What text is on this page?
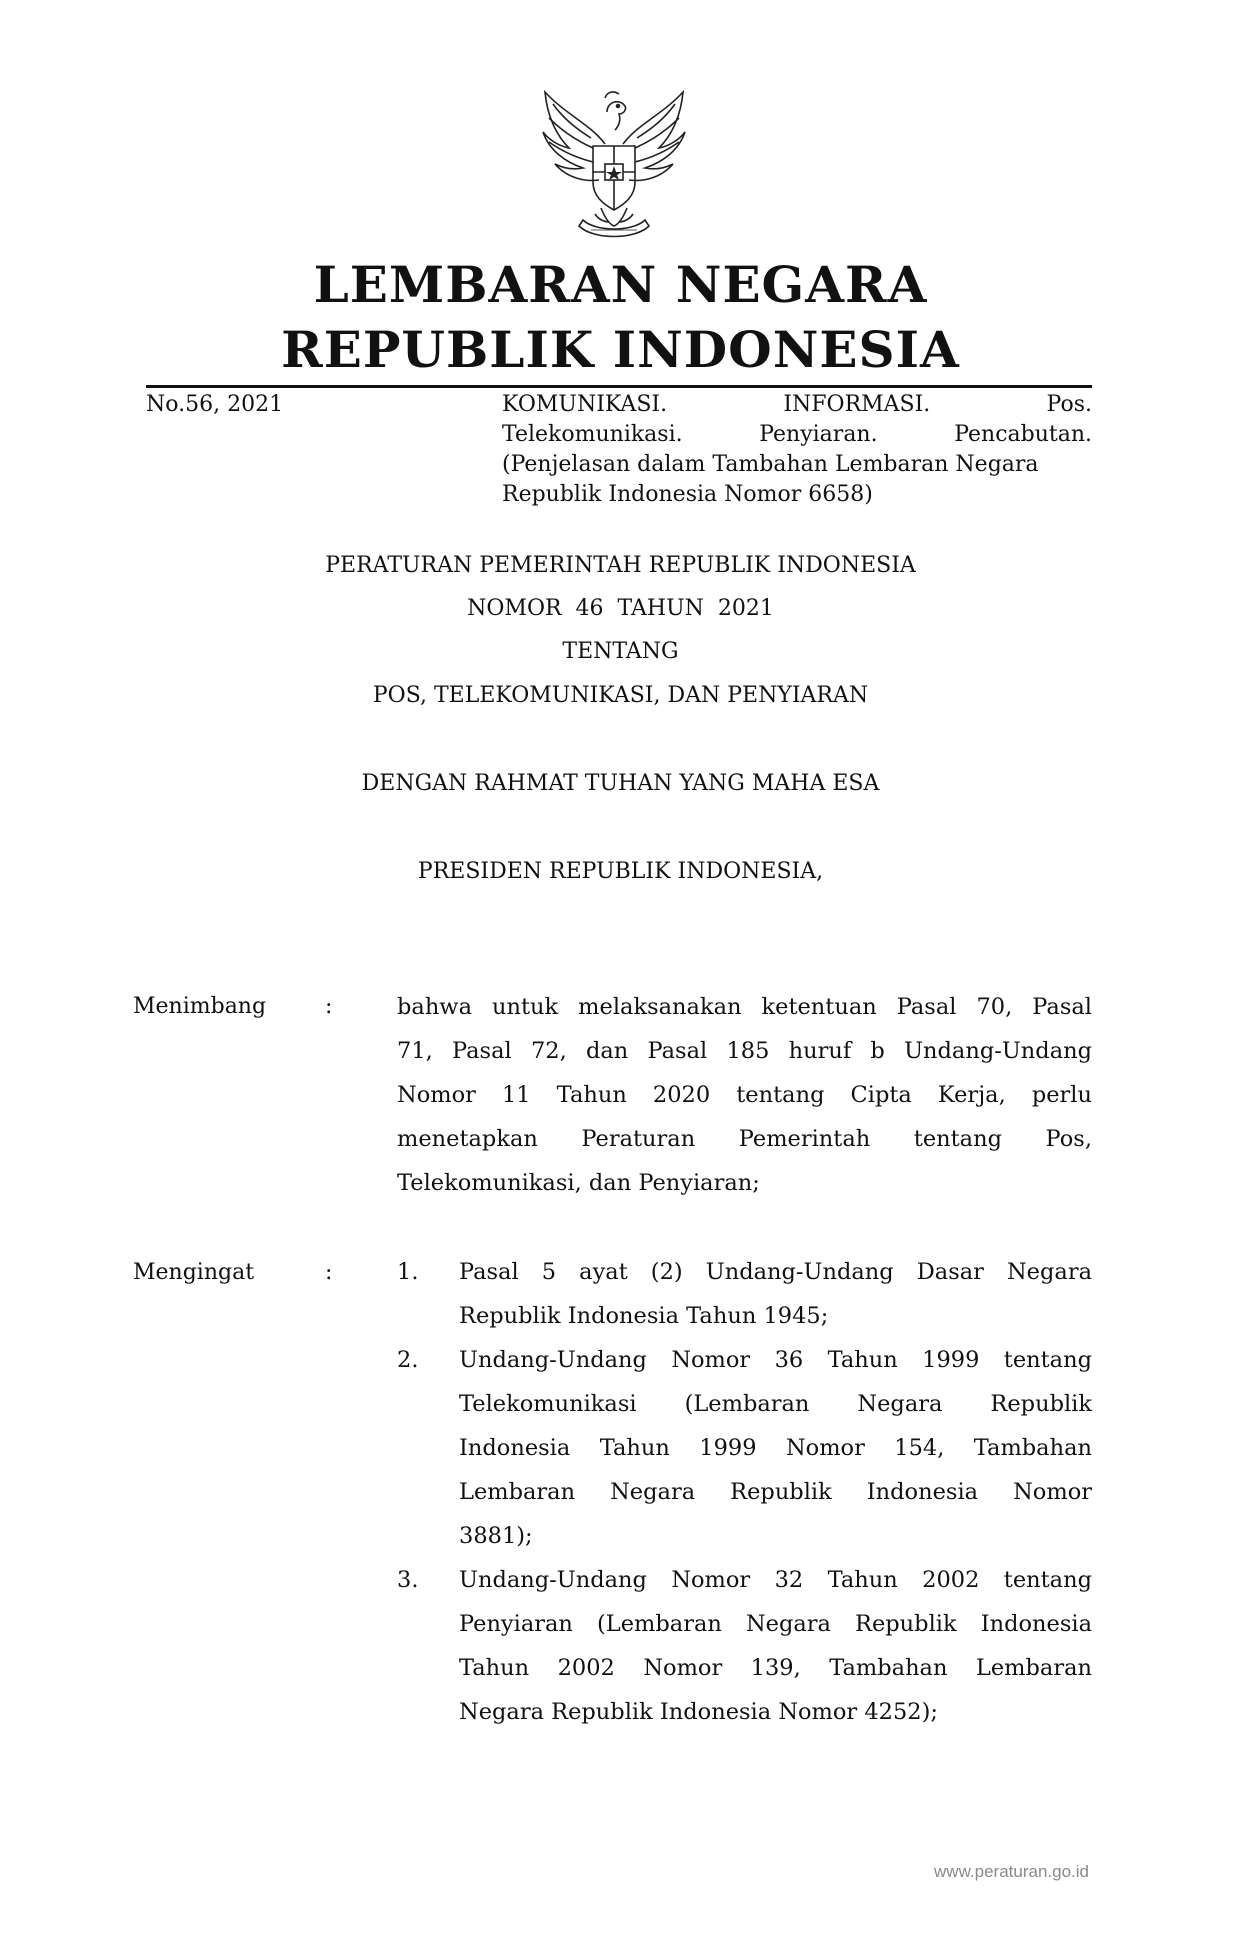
LEMBARAN NEGARA
REPUBLIK INDONESIA
No.56, 2021	KOMUNIKASI. INFORMASI. Pos.
Telekomunikasi. Penyiaran. Pencabutan.
(Penjelasan dalam Tambahan Lembaran Negara
Republik Indonesia Nomor 6658)
PERATURAN PEMERINTAH REPUBLIK INDONESIA
NOMOR  46  TAHUN  2021
TENTANG
POS, TELEKOMUNIKASI, DAN PENYIARAN
DENGAN RAHMAT TUHAN YANG MAHA ESA
PRESIDEN REPUBLIK INDONESIA,
Menimbang	:	bahwa untuk melaksanakan ketentuan Pasal 70, Pasal
71, Pasal 72, dan Pasal 185 huruf b Undang-Undang
Nomor 11 Tahun 2020 tentang Cipta Kerja, perlu
menetapkan Peraturan Pemerintah tentang Pos,
Telekomunikasi, dan Penyiaran;
Mengingat	:	1. Pasal 5 ayat (2) Undang-Undang Dasar Negara
Republik Indonesia Tahun 1945;
2. Undang-Undang Nomor 36 Tahun 1999 tentang
Telekomunikasi (Lembaran Negara Republik
Indonesia Tahun 1999 Nomor 154, Tambahan
Lembaran Negara Republik Indonesia Nomor
3881);
3. Undang-Undang Nomor 32 Tahun 2002 tentang
Penyiaran (Lembaran Negara Republik Indonesia
Tahun 2002 Nomor 139, Tambahan Lembaran
Negara Republik Indonesia Nomor 4252);
www.peraturan.go.id
